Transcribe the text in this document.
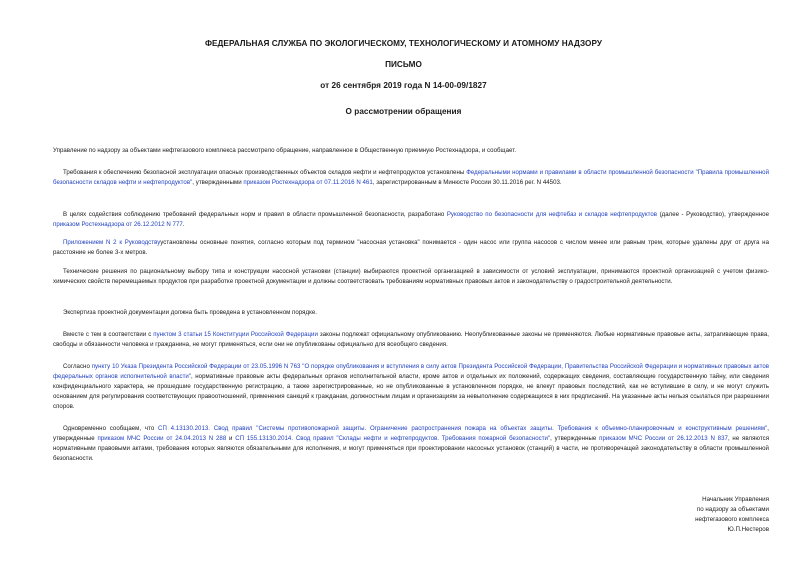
ФЕДЕРАЛЬНАЯ СЛУЖБА ПО ЭКОЛОГИЧЕСКОМУ, ТЕХНОЛОГИЧЕСКОМУ И АТОМНОМУ НАДЗОРУ
ПИСЬМО
от 26 сентября 2019 года N 14-00-09/1827
О рассмотрении обращения

Управление по надзору за объектами нефтегазового комплекса рассмотрело обращение, направленное в Общественную приемную Ростехнадзора, и сообщает.

Требования к обеспечению безопасной эксплуатации опасных производственных объектов складов нефти и нефтепродуктов установлены Федеральными нормами и правилами в области промышленной безопасности "Правила промышленной безопасности складов нефти и нефтепродуктов", утвержденными приказом Ростехнадзора от 07.11.2016 N 461, зарегистрированным в Минюсте России 30.11.2016 рег. N 44503.

В целях содействия соблюдению требований федеральных норм и правил в области промышленной безопасности, разработано Руководство по безопасности для нефтебаз и складов нефтепродуктов (далее - Руководство), утвержденное приказом Ростехнадзора от 26.12.2012 N 777.

Приложением N 2 к Руководствуустановлены основные понятия, согласно которым под термином "насосная установка" понимается - один насос или группа насосов с числом менее или равным трем, которые удалены друг от друга на расстояние не более 3-х метров.

Технические решения по рациональному выбору типа и конструкции насосной установки (станции) выбираются проектной организацией в зависимости от условий эксплуатации, принимаются проектной организацией с учетом физико-химических свойств перемещаемых продуктов при разработке проектной документации и должны соответствовать требованиям нормативных правовых актов и законодательству о градостроительной деятельности.

Экспертиза проектной документации должна быть проведена в установленном порядке.

Вместе с тем в соответствии с пунктом 3 статьи 15 Конституции Российской Федерации законы подлежат официальному опубликованию. Неопубликованные законы не применяются. Любые нормативные правовые акты, затрагивающие права, свободы и обязанности человека и гражданина, не могут применяться, если они не опубликованы официально для всеобщего сведения.

Согласно пункту 10 Указа Президента Российской Федерации от 23.05.1996 N 763 "О порядке опубликования и вступления в силу актов Президента Российской Федерации, Правительства Российской Федерации и нормативных правовых актов федеральных органов исполнительной власти", нормативные правовые акты федеральных органов исполнительной власти, кроме актов и отдельных их положений, содержащих сведения, составляющие государственную тайну, или сведения конфиденциального характера, не прошедшие государственную регистрацию, а также зарегистрированные, но не опубликованные в установленном порядке, не влекут правовых последствий, как не вступившие в силу, и не могут служить основанием для регулирования соответствующих правоотношений, применения санкций к гражданам, должностным лицам и организациям за невыполнение содержащихся в них предписаний. На указанные акты нельзя ссылаться при разрешении споров.

Одновременно сообщаем, что СП 4.13130.2013. Свод правил "Системы противопожарной защиты. Ограничение распространения пожара на объектах защиты. Требования к объемно-планировочным и конструктивным решениям", утвержденные приказом МЧС России от 24.04.2013 N 288 и СП 155.13130.2014. Свод правил "Склады нефти и нефтепродуктов. Требования пожарной безопасности", утвержденные приказом МЧС России от 26.12.2013 N 837, не являются нормативными правовыми актами, требования которых являются обязательными для исполнения, и могут применяться при проектировании насосных установок (станций) в части, не противоречащей законодательству в области промышленной безопасности.

Начальник Управления
по надзору за объектами
нефтегазового комплекса
Ю.П.Нестеров
